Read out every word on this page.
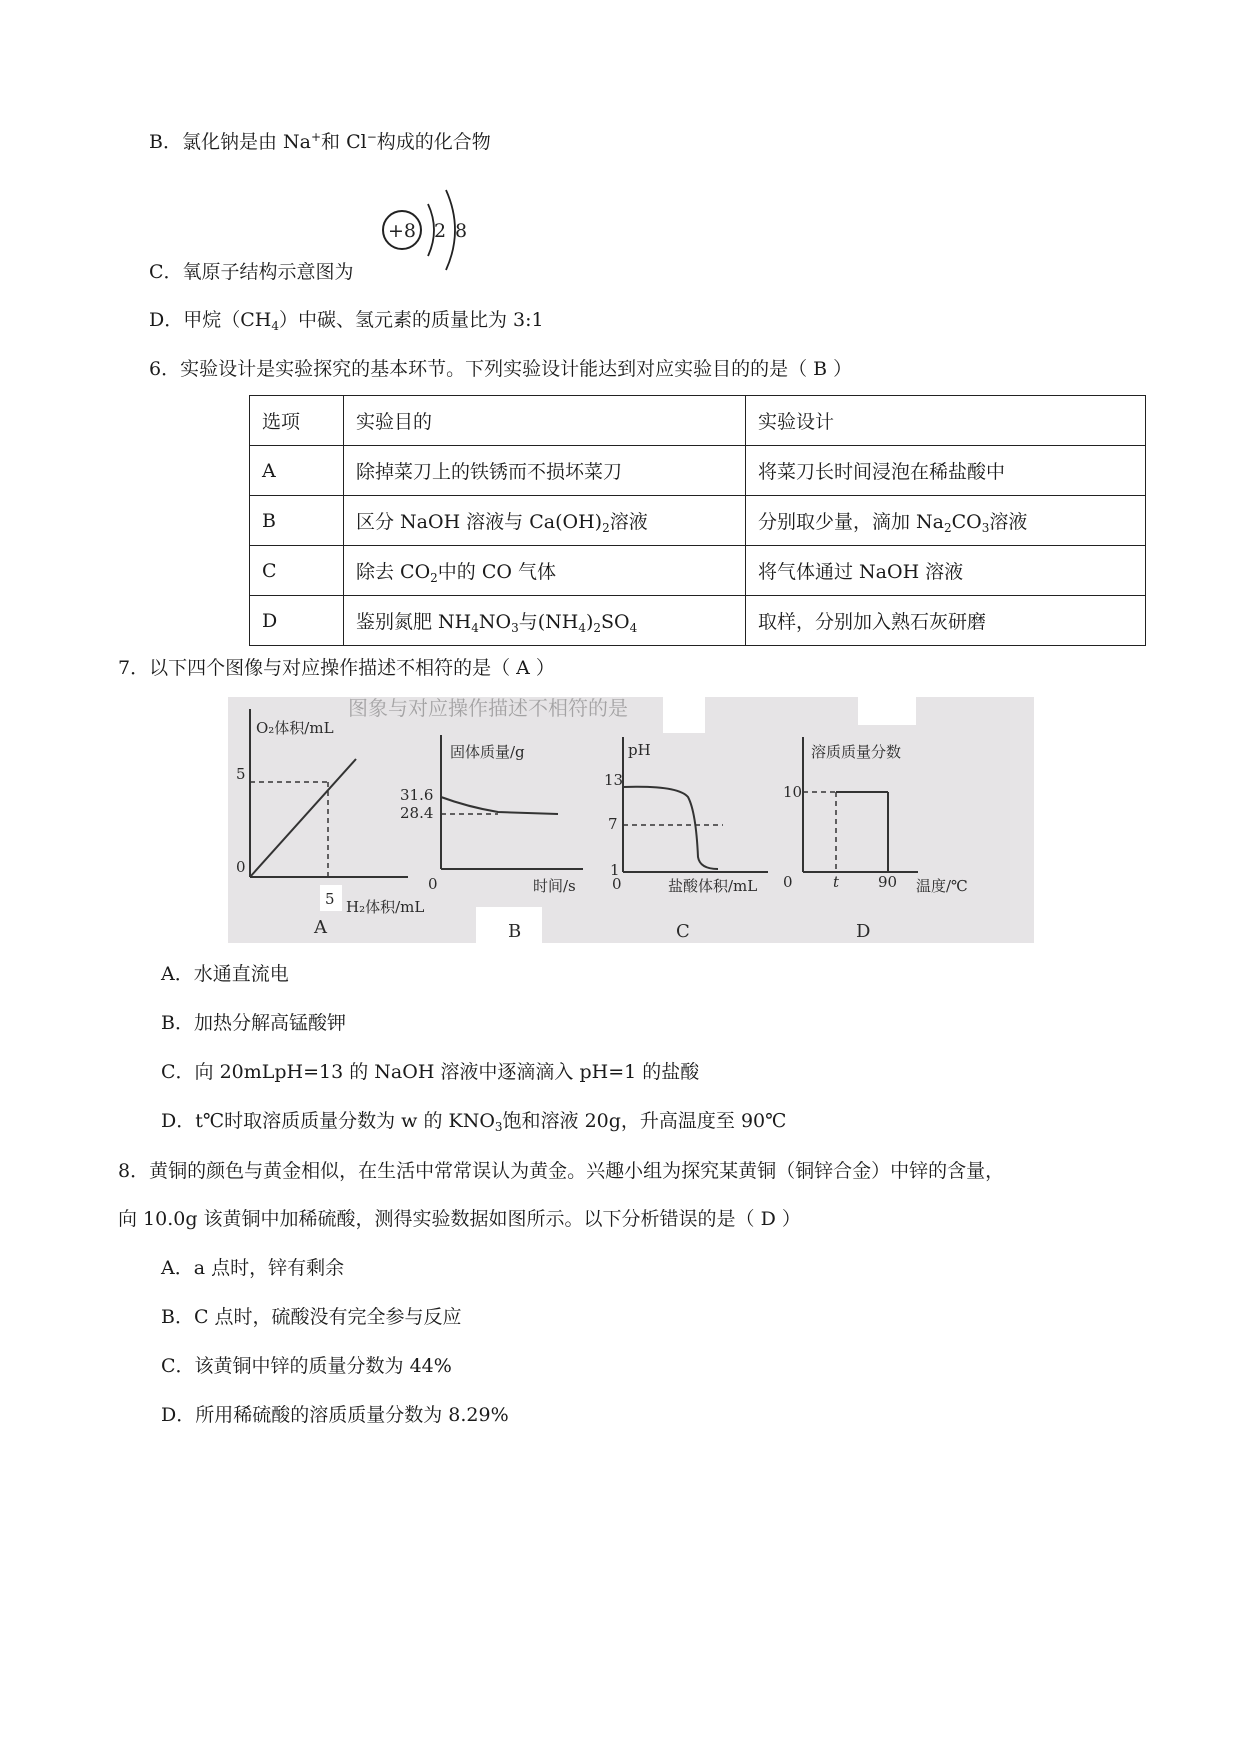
B．氯化钠是由 Na+和 Cl−构成的化合物
C．氧原子结构示意图为
+8 2 8
D．甲烷$(CH_4)$中碳、氢元素的质量比为 3:1
6．实验设计是实验探究的基本环节。下列实验设计能达到对应实验目的的是（ B ）
选项	实验目的	实验设计
A	除掉菜刀上的铁锈而不损坏菜刀	将菜刀长时间浸泡在稀盐酸中
B	区分 NaOH 溶液与 $Ca(OH)_2$溶液	分别取少量，滴加 $Na_2CO_3$溶液
C	除去 $CO_2$中的 CO 气体	将气体通过 NaOH 溶液
D	鉴别氮肥 $NH_4NO_3$与$(NH_4)_2SO_4$	取样，分别加入熟石灰研磨
7．以下四个图像与对应操作描述不相符的是（ A ）
图象与对应操作描述不相符的是
O₂体积/mL
5
0
5 H₂体积/mL
A
固体质量/g
31.6
28.4
0	时间/s
B
pH
13
7
1
0	盐酸体积/mL
C
溶质质量分数
10
0	t	90 温度/℃
D
A．水通直流电
B．加热分解高锰酸钾
C．向 20mLpH=13 的 NaOH 溶液中逐滴滴入 pH=1 的盐酸
D．t℃时取溶质质量分数为 w 的 $KNO_3$饱和溶液 20g，升高温度至 90℃
8．黄铜的颜色与黄金相似，在生活中常常误认为黄金。兴趣小组为探究某黄铜（铜锌合金）中锌的含量，
向 10.0g 该黄铜中加稀硫酸，测得实验数据如图所示。以下分析错误的是（ D ）
A．a 点时，锌有剩余
B．C 点时，硫酸没有完全参与反应
C．该黄铜中锌的质量分数为 44%
D．所用稀硫酸的溶质质量分数为 8.29%
